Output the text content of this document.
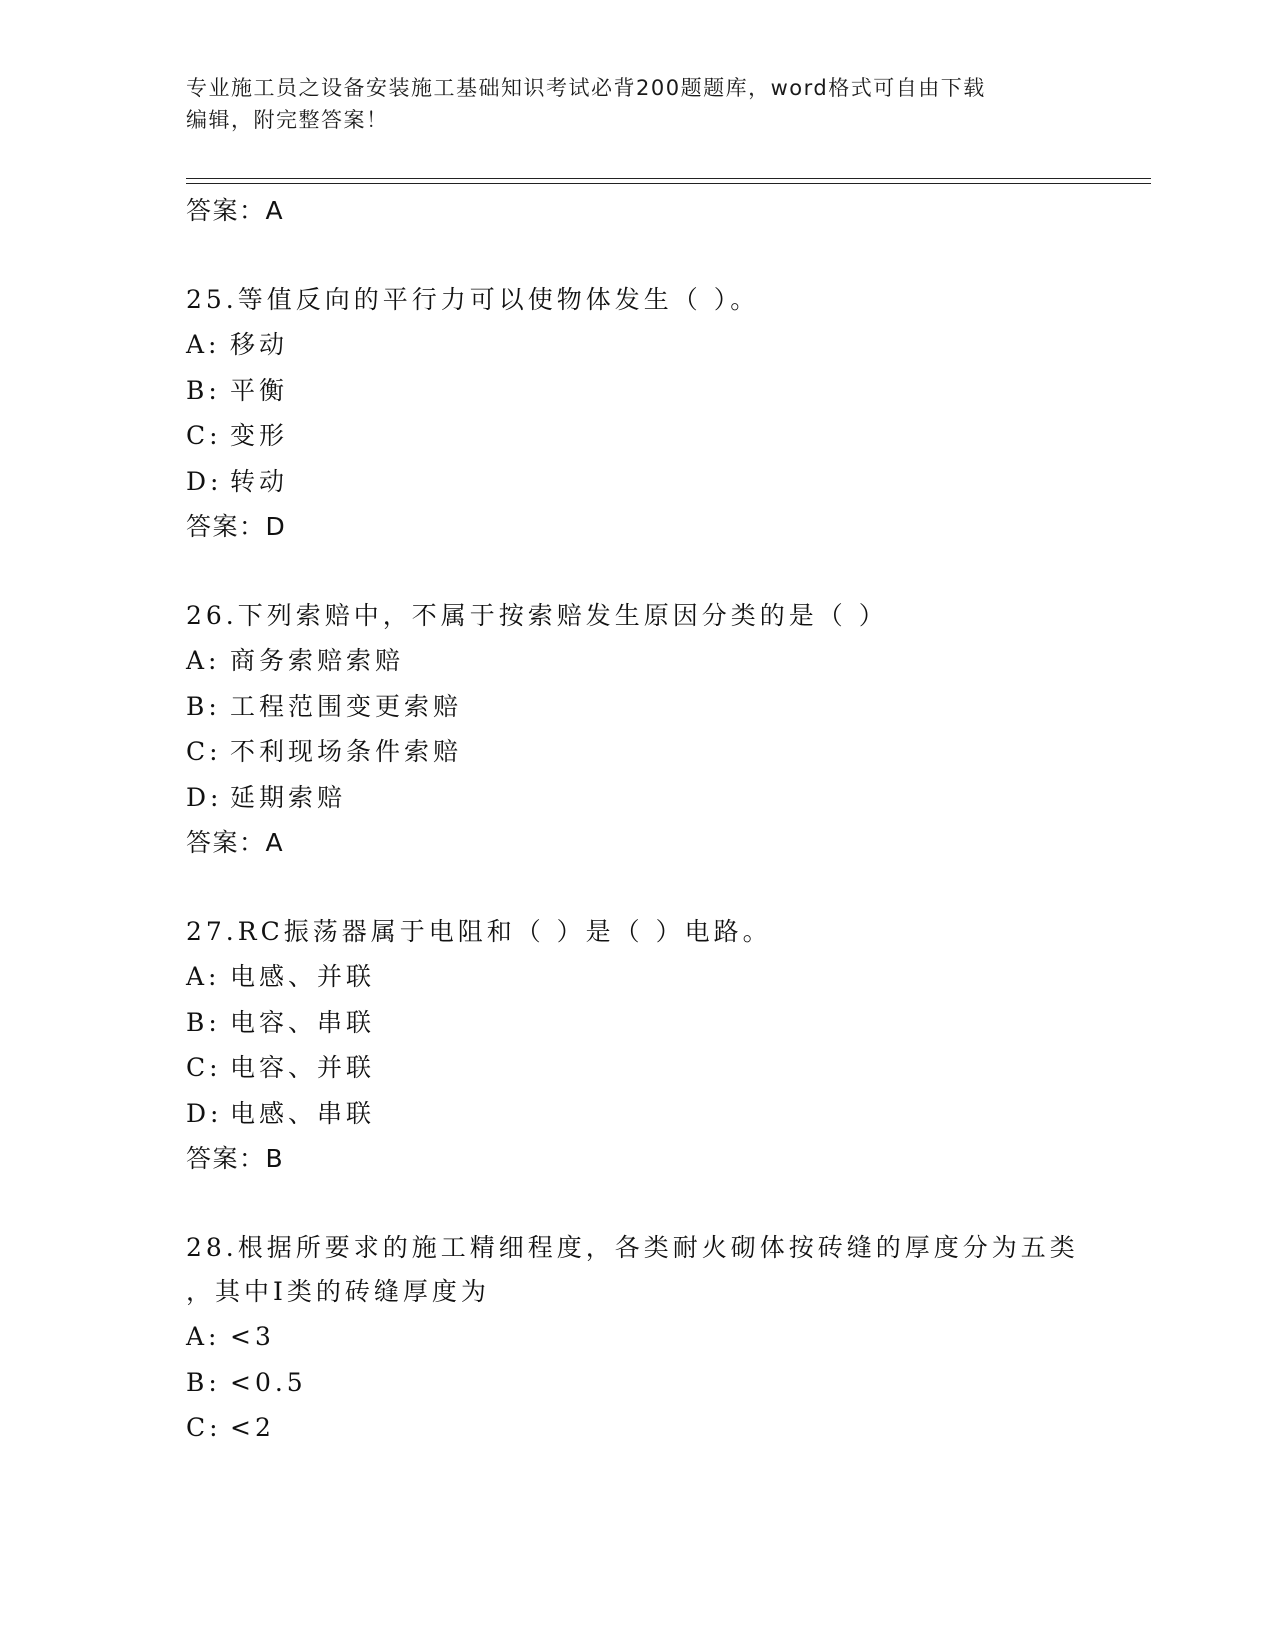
专业施工员之设备安装施工基础知识考试必背200题题库，word格式可自由下载
编辑，附完整答案！
答案：A
25.等值反向的平行力可以使物体发生（ ）。
A: 移动
B: 平衡
C: 变形
D: 转动
答案：D
26.下列索赔中，不属于按索赔发生原因分类的是（ ）
A: 商务索赔索赔
B: 工程范围变更索赔
C: 不利现场条件索赔
D: 延期索赔
答案：A
27.RC振荡器属于电阻和（ ）是（ ）电路。
A: 电感、并联
B: 电容、串联
C: 电容、并联
D: 电感、串联
答案：B
28.根据所要求的施工精细程度，各类耐火砌体按砖缝的厚度分为五类
，其中Ⅰ类的砖缝厚度为
A: <3
B: <0.5
C: <2
